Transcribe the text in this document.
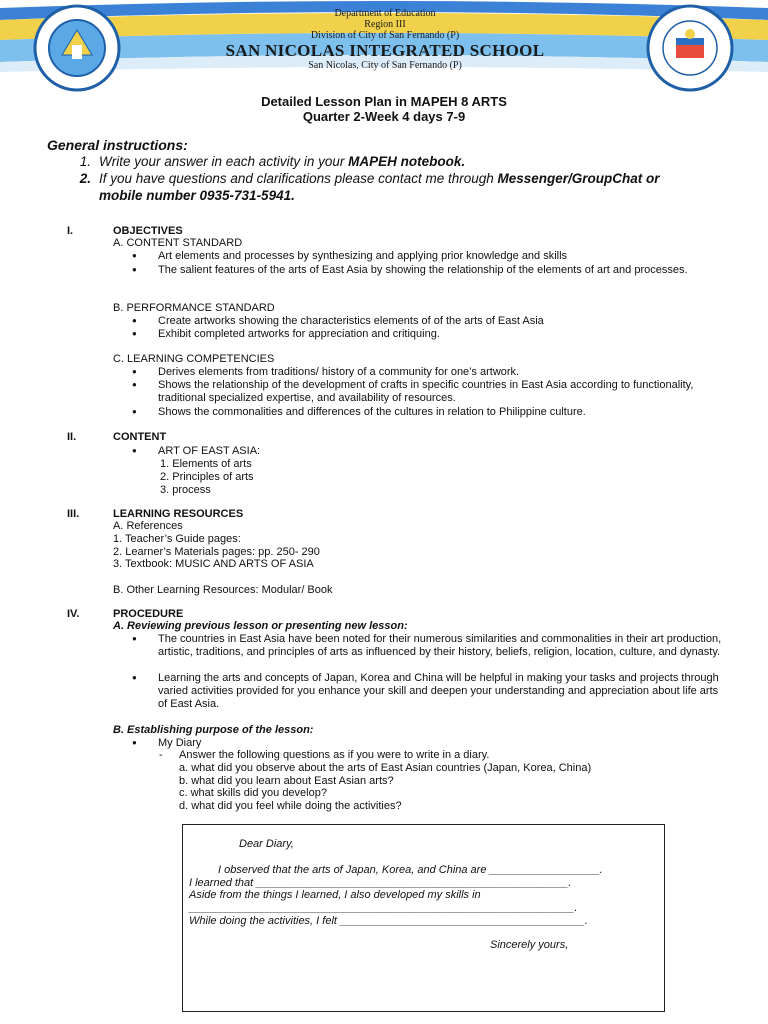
Department of Education
Region III
Division of City of San Fernando (P)
SAN NICOLAS INTEGRATED SCHOOL
San Nicolas, City of San Fernando (P)
Detailed Lesson Plan in MAPEH 8 ARTS
Quarter 2-Week 4 days 7-9
General instructions:
1. Write your answer in each activity in your MAPEH notebook.
2. If you have questions and clarifications please contact me through Messenger/GroupChat or
mobile number 0935-731-5941.
I.	OBJECTIVES
A. CONTENT STANDARD
● Art elements and processes by synthesizing and applying prior knowledge and skills
● The salient features of the arts of East Asia by showing the relationship of the elements of art and processes.
B. PERFORMANCE STANDARD
● Create artworks showing the characteristics elements of of the arts of East Asia
● Exhibit completed artworks for appreciation and critiquing.
C. LEARNING COMPETENCIES
● Derives elements from traditions/ history of a community for one’s artwork.
● Shows the relationship of the development of crafts in specific countries in East Asia according to functionality, traditional specialized expertise, and availability of resources.
● Shows the commonalities and differences of the cultures in relation to Philippine culture.
II.	CONTENT
● ART OF EAST ASIA:
1. Elements of arts
2. Principles of arts
3. process
III.	LEARNING RESOURCES
A. References
1. Teacher’s Guide pages:
2. Learner’s Materials pages: pp. 250- 290
3. Textbook: MUSIC AND ARTS OF ASIA
B. Other Learning Resources: Modular/ Book
IV.	PROCEDURE
A. Reviewing previous lesson or presenting new lesson:
● The countries in East Asia have been noted for their numerous similarities and commonalities in their art production, artistic, traditions, and principles of arts as influenced by their history, beliefs, religion, location, culture, and dynasty.
● Learning the arts and concepts of Japan, Korea and China will be helpful in making your tasks and projects through varied activities provided for you enhance your skill and deepen your understanding and appreciation about life arts of East Asia.
B. Establishing purpose of the lesson:
● My Diary
- Answer the following questions as if you were to write in a diary.
a. what did you observe about the arts of East Asian countries (Japan, Korea, China)
b. what did you learn about East Asian arts?
c. what skills did you develop?
d. what did you feel while doing the activities?
Dear Diary,
I observed that the arts of Japan, Korea, and China are __________________.
I learned that ___________________________________________________.
Aside from the things I learned, I also developed my skills in
_______________________________________________________________.
While doing the activities, I felt ________________________________________.
Sincerely yours,
